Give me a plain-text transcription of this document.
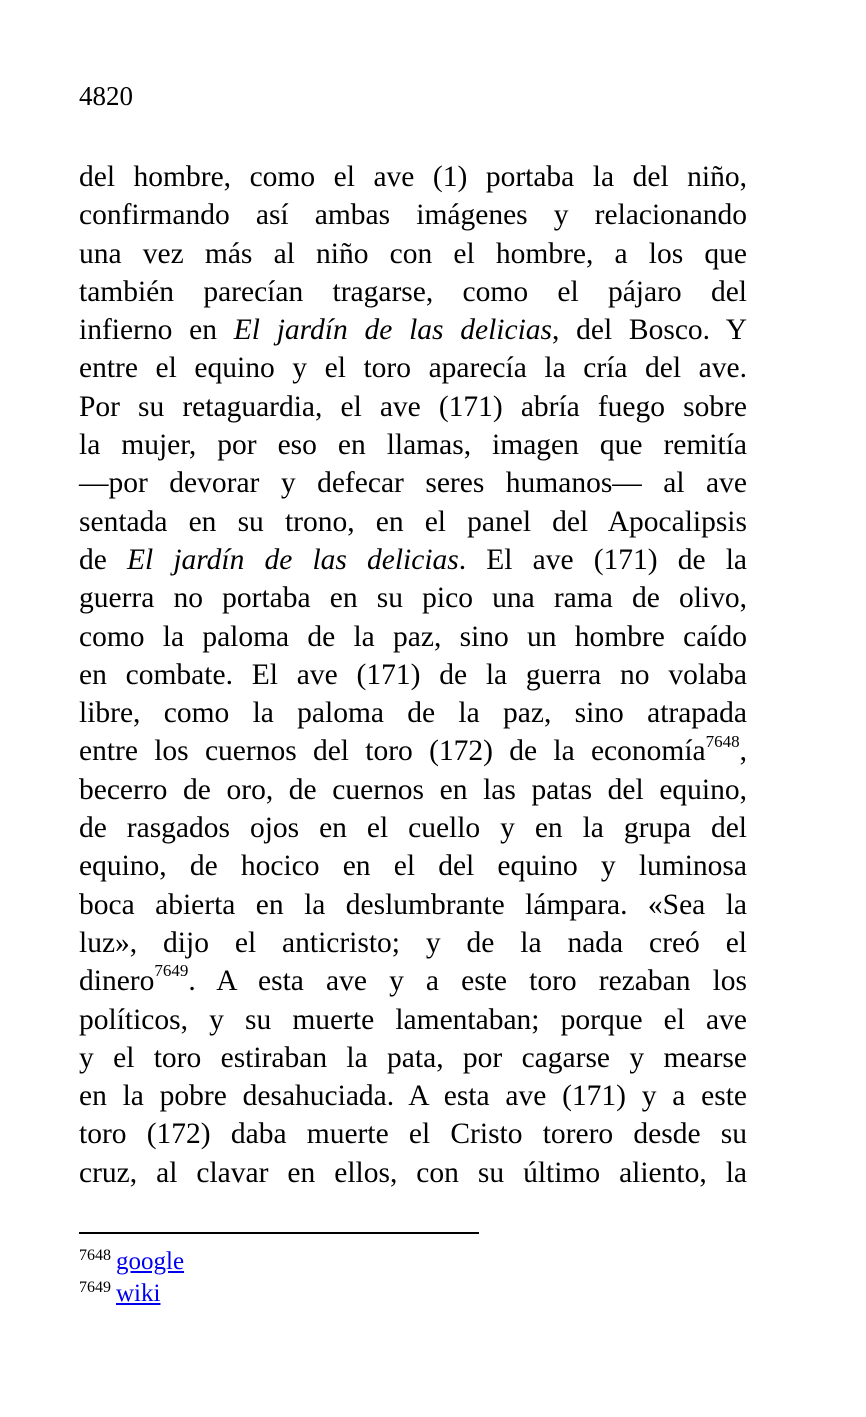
4820
del hombre, como el ave (1) portaba la del niño,
confirmando así ambas imágenes y relacionando
una vez más al niño con el hombre, a los que
también parecían tragarse, como el pájaro del
infierno en El jardín de las delicias, del Bosco. Y
entre el equino y el toro aparecía la cría del ave.
Por su retaguardia, el ave (171) abría fuego sobre
la mujer, por eso en llamas, imagen que remitía
—por devorar y defecar seres humanos— al ave
sentada en su trono, en el panel del Apocalipsis
de El jardín de las delicias. El ave (171) de la
guerra no portaba en su pico una rama de olivo,
como la paloma de la paz, sino un hombre caído
en combate. El ave (171) de la guerra no volaba
libre, como la paloma de la paz, sino atrapada
entre los cuernos del toro (172) de la economía$^{7648}$,
becerro de oro, de cuernos en las patas del equino,
de rasgados ojos en el cuello y en la grupa del
equino, de hocico en el del equino y luminosa
boca abierta en la deslumbrante lámpara. «Sea la
luz», dijo el anticristo; y de la nada creó el
dinero$^{7649}$. A esta ave y a este toro rezaban los
políticos, y su muerte lamentaban; porque el ave
y el toro estiraban la pata, por cagarse y mearse
en la pobre desahuciada. A esta ave (171) y a este
toro (172) daba muerte el Cristo torero desde su
cruz, al clavar en ellos, con su último aliento, la
$^{7648}$ google
$^{7649}$ wiki
